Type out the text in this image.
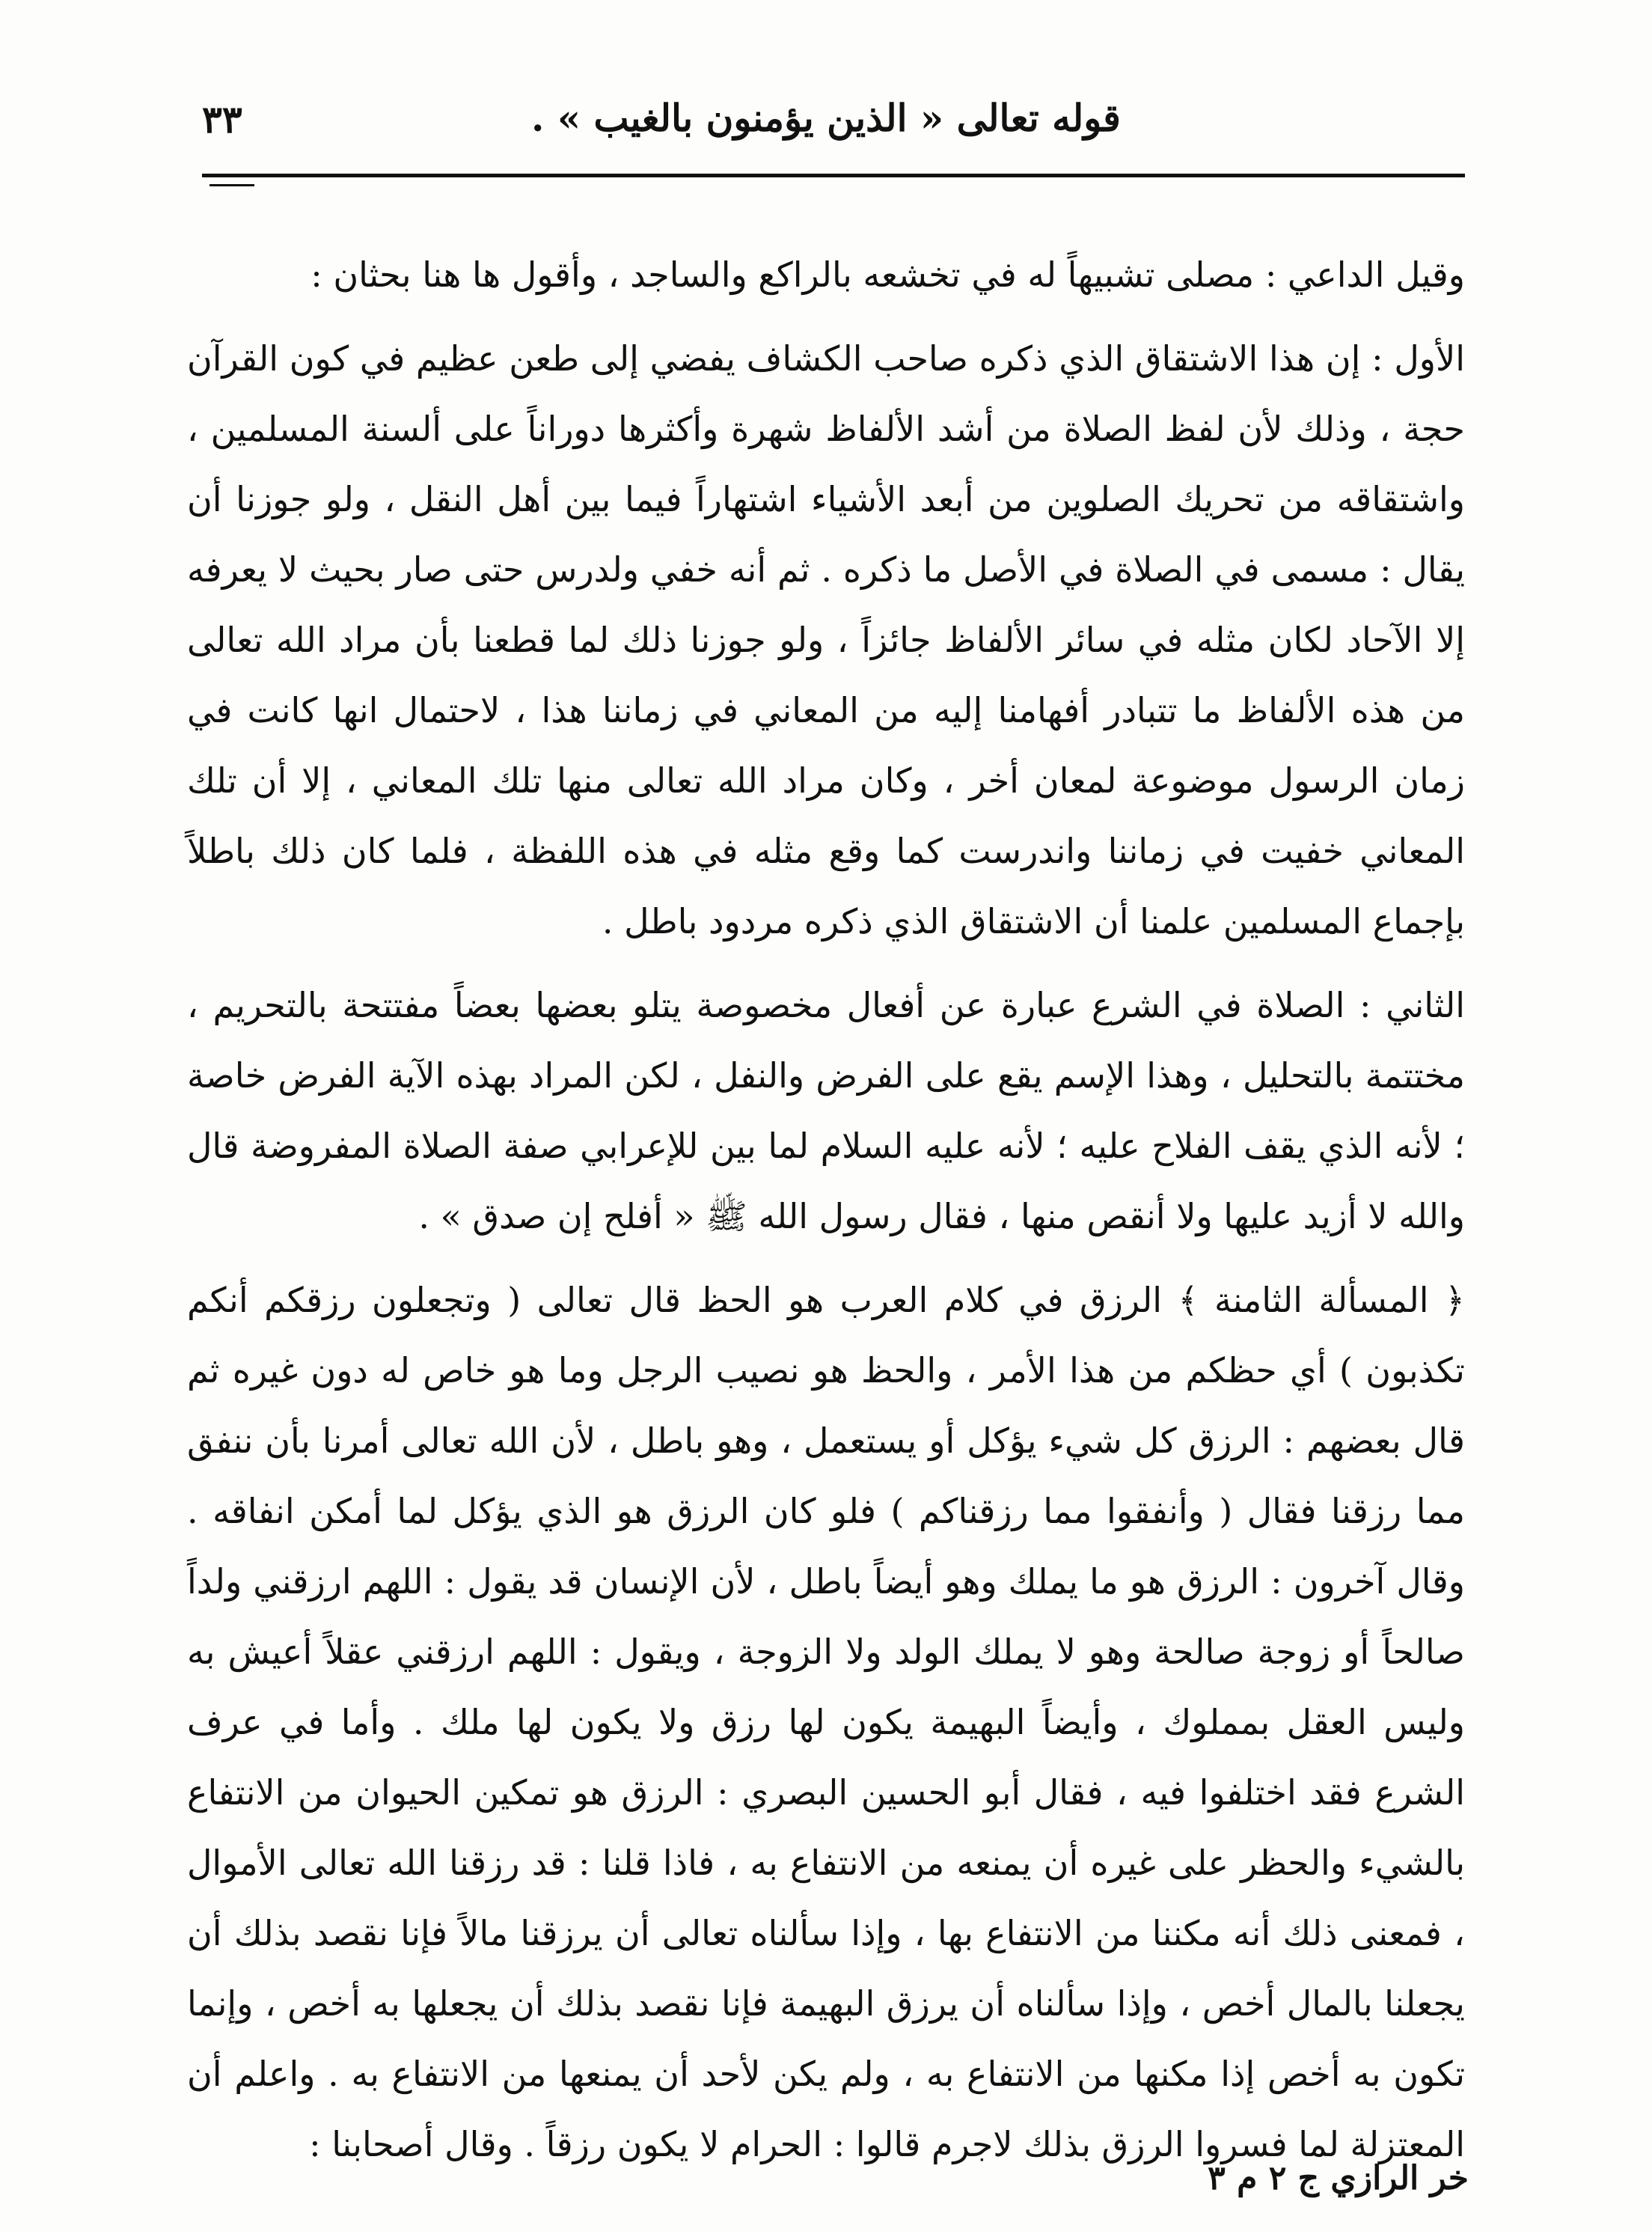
قوله تعالى « الذين يؤمنون بالغيب » .
٣٣

وقيل الداعي : مصلى تشبيهاً له في تخشعه بالراكع والساجد ، وأقول ها هنا بحثان :

الأول : إن هذا الاشتقاق الذي ذكره صاحب الكشاف يفضي إلى طعن عظيم في كون القرآن حجة ، وذلك لأن لفظ الصلاة من أشد الألفاظ شهرة وأكثرها دوراناً على ألسنة المسلمين ، واشتقاقه من تحريك الصلوين من أبعد الأشياء اشتهاراً فيما بين أهل النقل ، ولو جوزنا أن يقال : مسمى في الصلاة في الأصل ما ذكره . ثم أنه خفي ولدرس حتى صار بحيث لا يعرفه إلا الآحاد لكان مثله في سائر الألفاظ جائزاً ، ولو جوزنا ذلك لما قطعنا بأن مراد الله تعالى من هذه الألفاظ ما تتبادر أفهامنا إليه من المعاني في زماننا هذا ، لاحتمال انها كانت في زمان الرسول موضوعة لمعان أخر ، وكان مراد الله تعالى منها تلك المعاني ، إلا أن تلك المعاني خفيت في زماننا واندرست كما وقع مثله في هذه اللفظة ، فلما كان ذلك باطلاً بإجماع المسلمين علمنا أن الاشتقاق الذي ذكره مردود باطل .

الثاني : الصلاة في الشرع عبارة عن أفعال مخصوصة يتلو بعضها بعضاً مفتتحة بالتحريم ، مختتمة بالتحليل ، وهذا الإسم يقع على الفرض والنفل ، لكن المراد بهذه الآية الفرض خاصة ؛ لأنه الذي يقف الفلاح عليه ؛ لأنه عليه السلام لما بين للإعرابي صفة الصلاة المفروضة قال والله لا أزيد عليها ولا أنقص منها ، فقال رسول الله ﷺ « أفلح إن صدق » .

﴿ المسألة الثامنة ﴾ الرزق في كلام العرب هو الحظ قال تعالى ( وتجعلون رزقكم أنكم تكذبون ) أي حظكم من هذا الأمر ، والحظ هو نصيب الرجل وما هو خاص له دون غيره ثم قال بعضهم : الرزق كل شيء يؤكل أو يستعمل ، وهو باطل ، لأن الله تعالى أمرنا بأن ننفق مما رزقنا فقال ( وأنفقوا مما رزقناكم ) فلو كان الرزق هو الذي يؤكل لما أمكن انفاقه . وقال آخرون : الرزق هو ما يملك وهو أيضاً باطل ، لأن الإنسان قد يقول : اللهم ارزقني ولداً صالحاً أو زوجة صالحة وهو لا يملك الولد ولا الزوجة ، ويقول : اللهم ارزقني عقلاً أعيش به وليس العقل بمملوك ، وأيضاً البهيمة يكون لها رزق ولا يكون لها ملك . وأما في عرف الشرع فقد اختلفوا فيه ، فقال أبو الحسين البصري : الرزق هو تمكين الحيوان من الانتفاع بالشيء والحظر على غيره أن يمنعه من الانتفاع به ، فاذا قلنا : قد رزقنا الله تعالى الأموال ، فمعنى ذلك أنه مكننا من الانتفاع بها ، وإذا سألناه تعالى أن يرزقنا مالاً فإنا نقصد بذلك أن يجعلنا بالمال أخص ، وإذا سألناه أن يرزق البهيمة فإنا نقصد بذلك أن يجعلها به أخص ، وإنما تكون به أخص إذا مكنها من الانتفاع به ، ولم يكن لأحد أن يمنعها من الانتفاع به . واعلم أن المعتزلة لما فسروا الرزق بذلك لاجرم قالوا : الحرام لا يكون رزقاً . وقال أصحابنا :

خر الرازي ج ٢ م ٣
